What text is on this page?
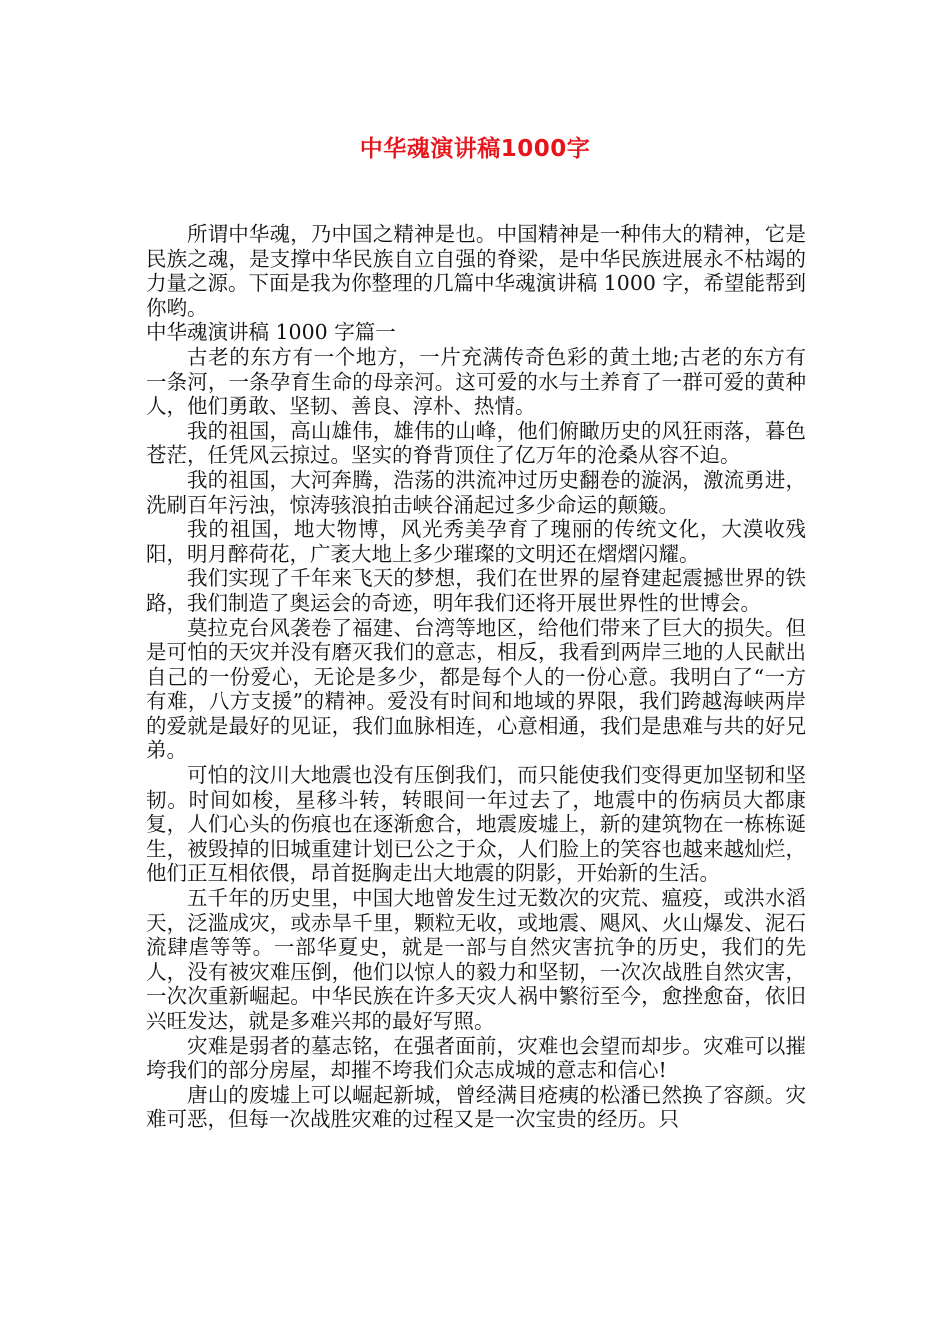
中华魂演讲稿1000字

所谓中华魂，乃中国之精神是也。中国精神是一种伟大的精神，它是民族之魂，是支撑中华民族自立自强的脊梁，是中华民族进展永不枯竭的力量之源。下面是我为你整理的几篇中华魂演讲稿 1000 字，希望能帮到你哟。

中华魂演讲稿 1000 字篇一

古老的东方有一个地方，一片充满传奇色彩的黄土地;古老的东方有一条河，一条孕育生命的母亲河。这可爱的水与土养育了一群可爱的黄种人，他们勇敢、坚韧、善良、淳朴、热情。

我的祖国，高山雄伟，雄伟的山峰，他们俯瞰历史的风狂雨落，暮色苍茫，任凭风云掠过。坚实的脊背顶住了亿万年的沧桑从容不迫。

我的祖国，大河奔腾，浩荡的洪流冲过历史翻卷的漩涡，激流勇进，洗刷百年污浊，惊涛骇浪拍击峡谷涌起过多少命运的颠簸。

我的祖国，地大物博，风光秀美孕育了瑰丽的传统文化，大漠收残阳，明月醉荷花，广袤大地上多少璀璨的文明还在熠熠闪耀。

我们实现了千年来飞天的梦想，我们在世界的屋脊建起震撼世界的铁路，我们制造了奥运会的奇迹，明年我们还将开展世界性的世博会。

莫拉克台风袭卷了福建、台湾等地区，给他们带来了巨大的损失。但是可怕的天灾并没有磨灭我们的意志，相反，我看到两岸三地的人民献出自己的一份爱心，无论是多少，都是每个人的一份心意。我明白了“一方有难，八方支援”的精神。爱没有时间和地域的界限，我们跨越海峡两岸的爱就是最好的见证，我们血脉相连，心意相通，我们是患难与共的好兄弟。

可怕的汶川大地震也没有压倒我们，而只能使我们变得更加坚韧和坚韧。时间如梭，星移斗转，转眼间一年过去了，地震中的伤病员大都康复，人们心头的伤痕也在逐渐愈合，地震废墟上，新的建筑物在一栋栋诞生，被毁掉的旧城重建计划已公之于众，人们脸上的笑容也越来越灿烂，他们正互相依偎，昂首挺胸走出大地震的阴影，开始新的生活。

五千年的历史里，中国大地曾发生过无数次的灾荒、瘟疫，或洪水滔天，泛滥成灾，或赤旱千里，颗粒无收，或地震、飓风、火山爆发、泥石流肆虐等等。一部华夏史，就是一部与自然灾害抗争的历史，我们的先人，没有被灾难压倒，他们以惊人的毅力和坚韧，一次次战胜自然灾害，一次次重新崛起。中华民族在许多天灾人祸中繁衍至今，愈挫愈奋，依旧兴旺发达，就是多难兴邦的最好写照。

灾难是弱者的墓志铭，在强者面前，灾难也会望而却步。灾难可以摧垮我们的部分房屋，却摧不垮我们众志成城的意志和信心!

唐山的废墟上可以崛起新城，曾经满目疮痍的松潘已然换了容颜。灾难可恶，但每一次战胜灾难的过程又是一次宝贵的经历。只
